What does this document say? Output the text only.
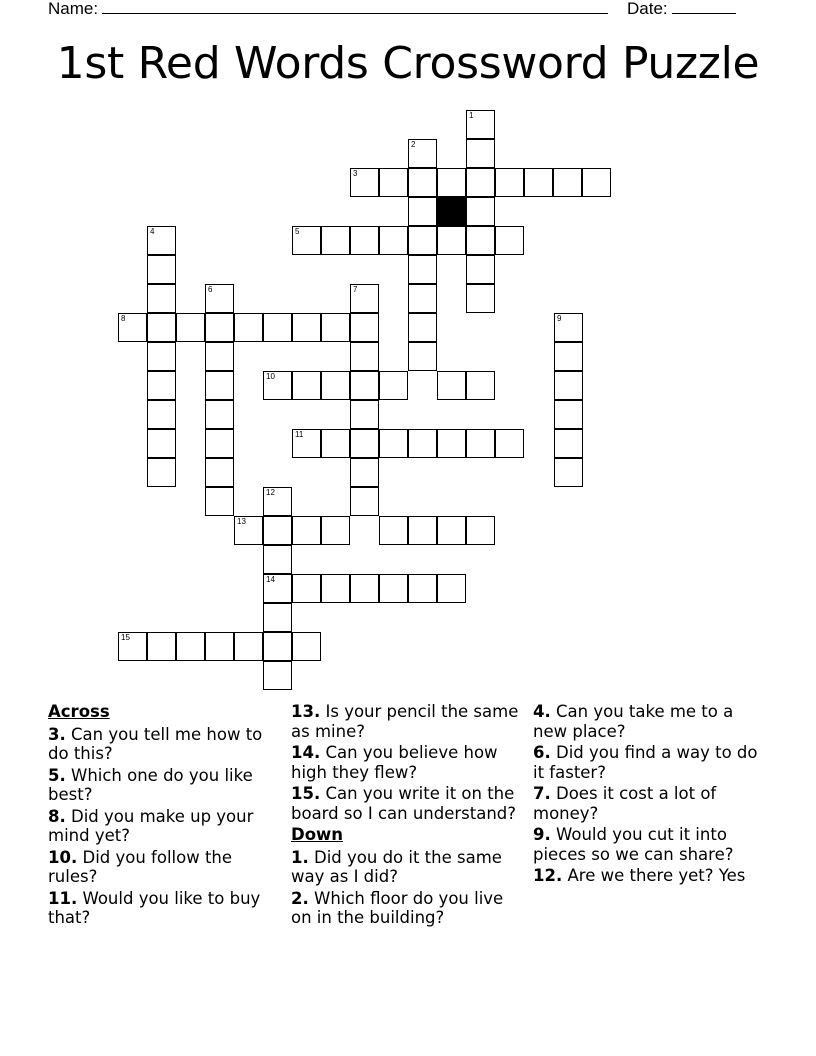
Name:	Date:
1st Red Words Crossword Puzzle
1
2
3
5
4
8
6	7
10
11
9
12
14
13
15
Across
3. Can you tell me how to do this?
5. Which one do you like best?
8. Did you make up your mind yet?
10. Did you follow the rules?
11. Would you like to buy that?
13. Is your pencil the same as mine?
14. Can you believe how high they flew?
15. Can you write it on the board so I can understand?
Down
1. Did you do it the same way as I did?
2. Which floor do you live on in the building?
4. Can you take me to a new place?
6. Did you find a way to do it faster?
7. Does it cost a lot of money?
9. Would you cut it into pieces so we can share?
12. Are we there yet? Yes
